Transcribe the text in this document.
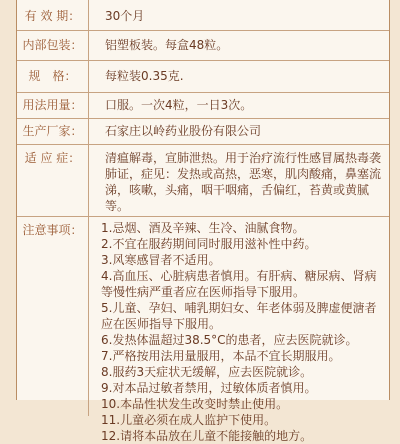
有 效 期：	30个月
内部包装：	铝塑板装。每盒48粒。
规　格：	每粒装0.35克.
用法用量：	口服。一次4粒，一日3次。
生产厂家：	石家庄以岭药业股份有限公司
适 应 症：	清瘟解毒，宣肺泄热。用于治疗流行性感冒属热毒袭肺证，症见：发热或高热，恶寒，肌肉酸痛，鼻塞流涕，咳嗽，头痛，咽干咽痛，舌偏红，苔黄或黄腻等。
注意事项：	1.忌烟、酒及辛辣、生冷、油腻食物。
2.不宜在服药期间同时服用滋补性中药。
3.风寒感冒者不适用。
4.高血压、心脏病患者慎用。有肝病、糖尿病、肾病等慢性病严重者应在医师指导下服用。
5.儿童、孕妇、哺乳期妇女、年老体弱及脾虚便溏者应在医师指导下服用。
6.发热体温超过38.5°C的患者，应去医院就诊。
7.严格按用法用量服用，本品不宜长期服用。
8.服药3天症状无缓解，应去医院就诊。
9.对本品过敏者禁用，过敏体质者慎用。
10.本品性状发生改变时禁止使用。
11.儿童必须在成人监护下使用。
12.请将本品放在儿童不能接触的地方。
